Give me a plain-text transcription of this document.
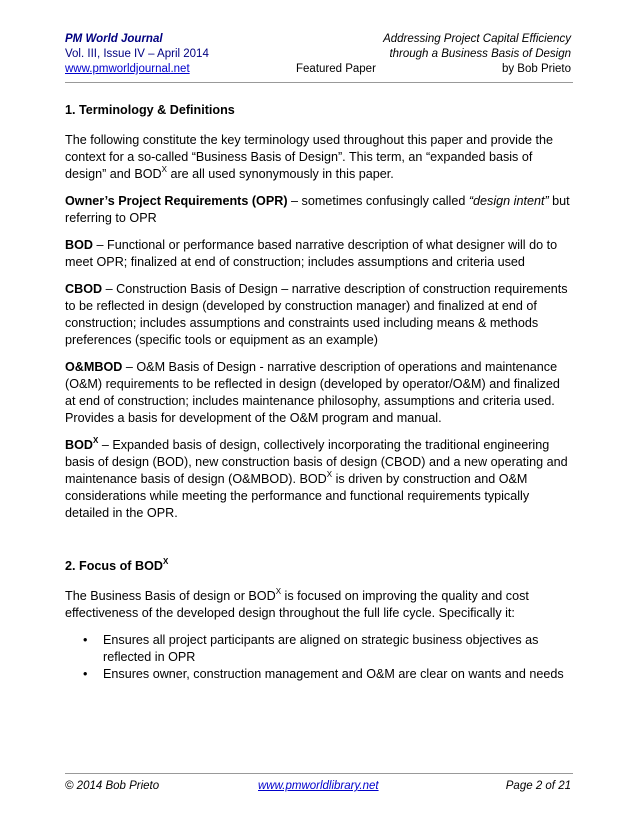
PM World Journal
Vol. III, Issue IV – April 2014
www.pmworldjournal.net	Featured Paper
Addressing Project Capital Efficiency
through a Business Basis of Design
by Bob Prieto
1. Terminology & Definitions

The following constitute the key terminology used throughout this paper and provide the context for a so-called “Business Basis of Design”. This term, an “expanded basis of design” and $BOD^X$ are all used synonymously in this paper.

Owner’s Project Requirements (OPR) – sometimes confusingly called “design intent” but referring to OPR

BOD – Functional or performance based narrative description of what designer will do to meet OPR; finalized at end of construction; includes assumptions and criteria used

CBOD – Construction Basis of Design – narrative description of construction requirements to be reflected in design (developed by construction manager) and finalized at end of construction; includes assumptions and constraints used including means & methods preferences (specific tools or equipment as an example)

O&MBOD – O&M Basis of Design - narrative description of operations and maintenance (O&M) requirements to be reflected in design (developed by operator/O&M) and finalized at end of construction; includes maintenance philosophy, assumptions and criteria used. Provides a basis for development of the O&M program and manual.

$BOD^X$ – Expanded basis of design, collectively incorporating the traditional engineering basis of design (BOD), new construction basis of design (CBOD) and a new operating and maintenance basis of design (O&MBOD). $BOD^X$ is driven by construction and O&M considerations while meeting the performance and functional requirements typically detailed in the OPR.

2. Focus of $BOD^X$

The Business Basis of design or $BOD^X$ is focused on improving the quality and cost effectiveness of the developed design throughout the full life cycle. Specifically it:

• Ensures all project participants are aligned on strategic business objectives as reflected in OPR
• Ensures owner, construction management and O&M are clear on wants and needs
© 2014 Bob Prieto	www.pmworldlibrary.net	Page 2 of 21
